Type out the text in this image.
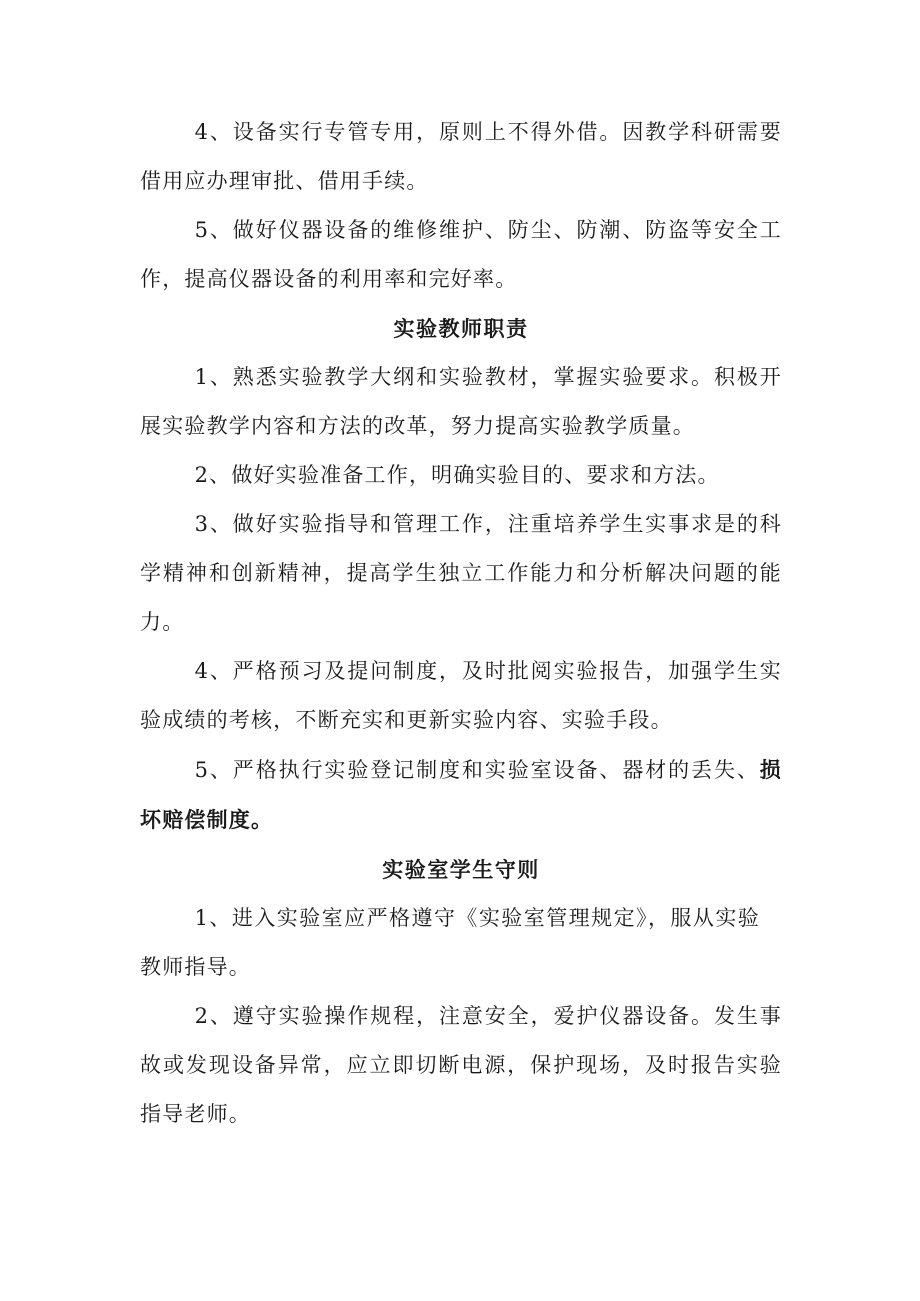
4、设备实行专管专用，原则上不得外借。因教学科研需要借用应办理审批、借用手续。

5、做好仪器设备的维修维护、防尘、防潮、防盗等安全工作，提高仪器设备的利用率和完好率。

实验教师职责

1、熟悉实验教学大纲和实验教材，掌握实验要求。积极开展实验教学内容和方法的改革，努力提高实验教学质量。

2、做好实验准备工作，明确实验目的、要求和方法。

3、做好实验指导和管理工作，注重培养学生实事求是的科学精神和创新精神，提高学生独立工作能力和分析解决问题的能力。

4、严格预习及提问制度，及时批阅实验报告，加强学生实验成绩的考核，不断充实和更新实验内容、实验手段。

5、严格执行实验登记制度和实验室设备、器材的丢失、损坏赔偿制度。

实验室学生守则

1、进入实验室应严格遵守《实验室管理规定》，服从实验教师指导。

2、遵守实验操作规程，注意安全，爱护仪器设备。发生事故或发现设备异常，应立即切断电源，保护现场，及时报告实验指导老师。
